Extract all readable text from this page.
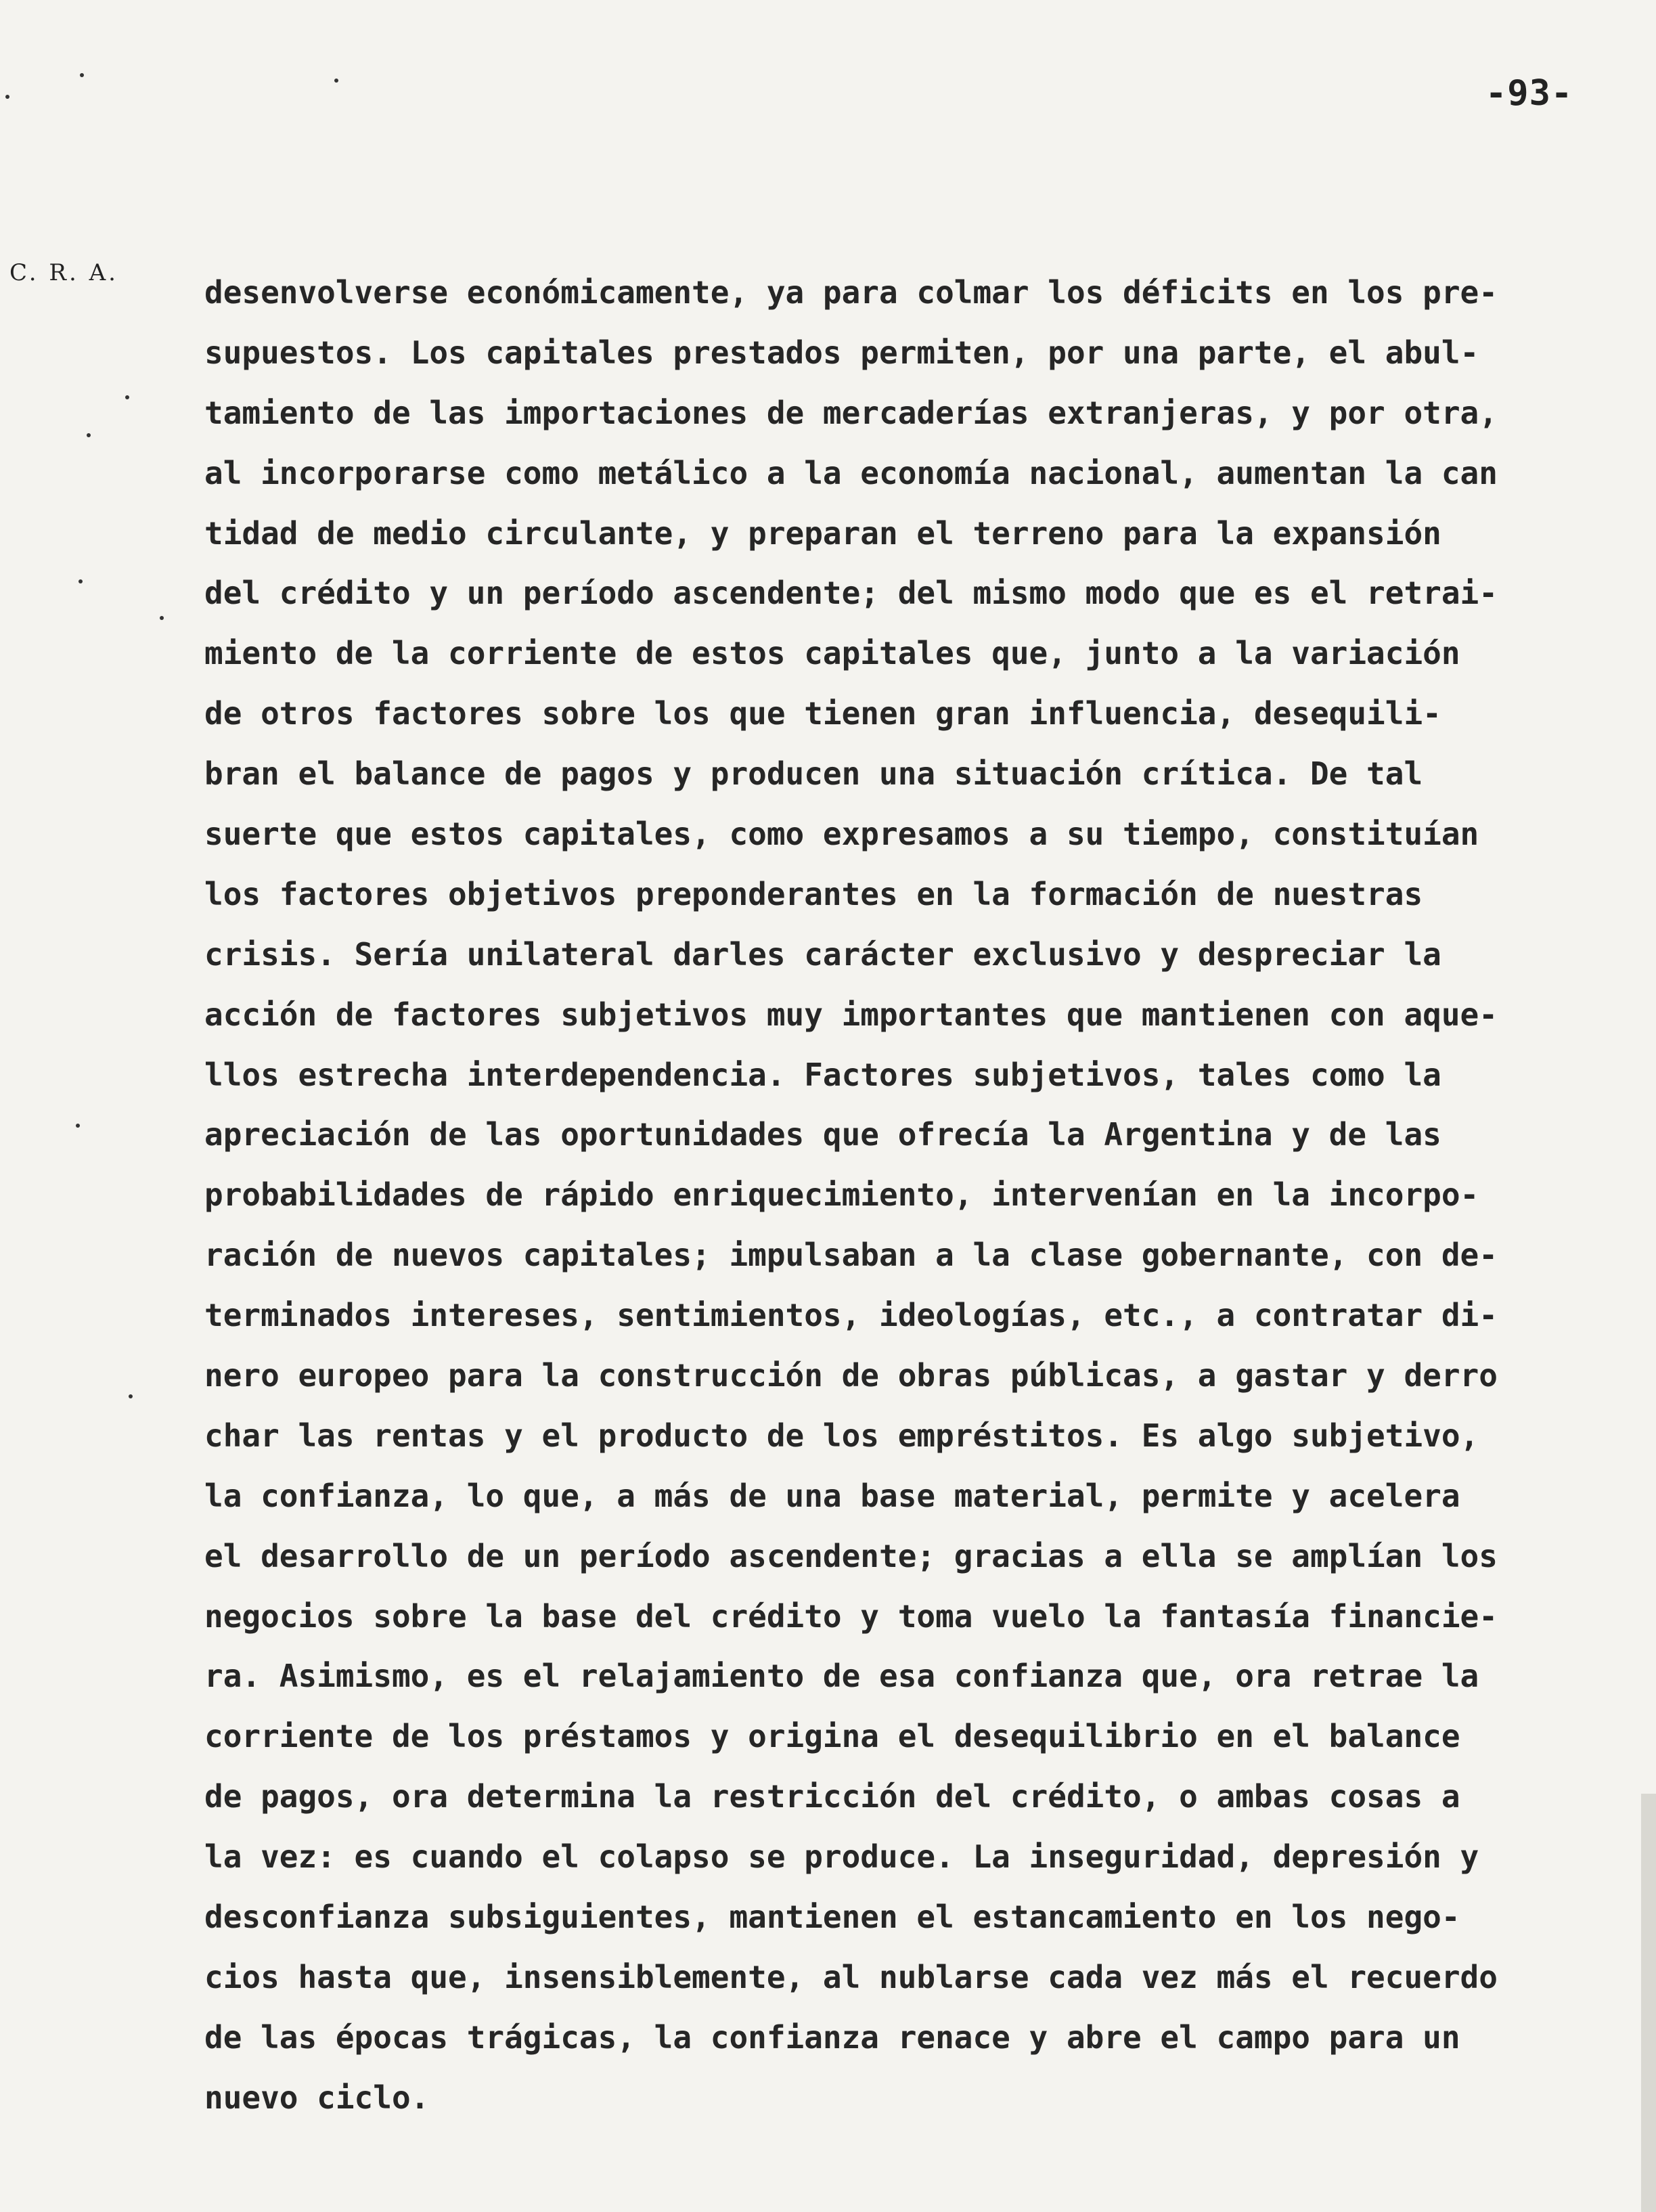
-93-
C. R. A.
desenvolverse económicamente, ya para colmar los déficits en los pre-
supuestos. Los capitales prestados permiten, por una parte, el abul-
tamiento de las importaciones de mercaderías extranjeras, y por otra,
al incorporarse como metálico a la economía nacional, aumentan la can
tidad de medio circulante, y preparan el terreno para la expansión
del crédito y un período ascendente; del mismo modo que es el retrai-
miento de la corriente de estos capitales que, junto a la variación
de otros factores sobre los que tienen gran influencia, desequili-
bran el balance de pagos y producen una situación crítica. De tal
suerte que estos capitales, como expresamos a su tiempo, constituían
los factores objetivos preponderantes en la formación de nuestras
crisis. Sería unilateral darles carácter exclusivo y despreciar la
acción de factores subjetivos muy importantes que mantienen con aque-
llos estrecha interdependencia. Factores subjetivos, tales como la
apreciación de las oportunidades que ofrecía la Argentina y de las
probabilidades de rápido enriquecimiento, intervenían en la incorpo-
ración de nuevos capitales; impulsaban a la clase gobernante, con de-
terminados intereses, sentimientos, ideologías, etc., a contratar di-
nero europeo para la construcción de obras públicas, a gastar y derro
char las rentas y el producto de los empréstitos. Es algo subjetivo,
la confianza, lo que, a más de una base material, permite y acelera
el desarrollo de un período ascendente; gracias a ella se amplían los
negocios sobre la base del crédito y toma vuelo la fantasía financie-
ra. Asimismo, es el relajamiento de esa confianza que, ora retrae la
corriente de los préstamos y origina el desequilibrio en el balance
de pagos, ora determina la restricción del crédito, o ambas cosas a
la vez: es cuando el colapso se produce. La inseguridad, depresión y
desconfianza subsiguientes, mantienen el estancamiento en los nego-
cios hasta que, insensiblemente, al nublarse cada vez más el recuerdo
de las épocas trágicas, la confianza renace y abre el campo para un
nuevo ciclo.
